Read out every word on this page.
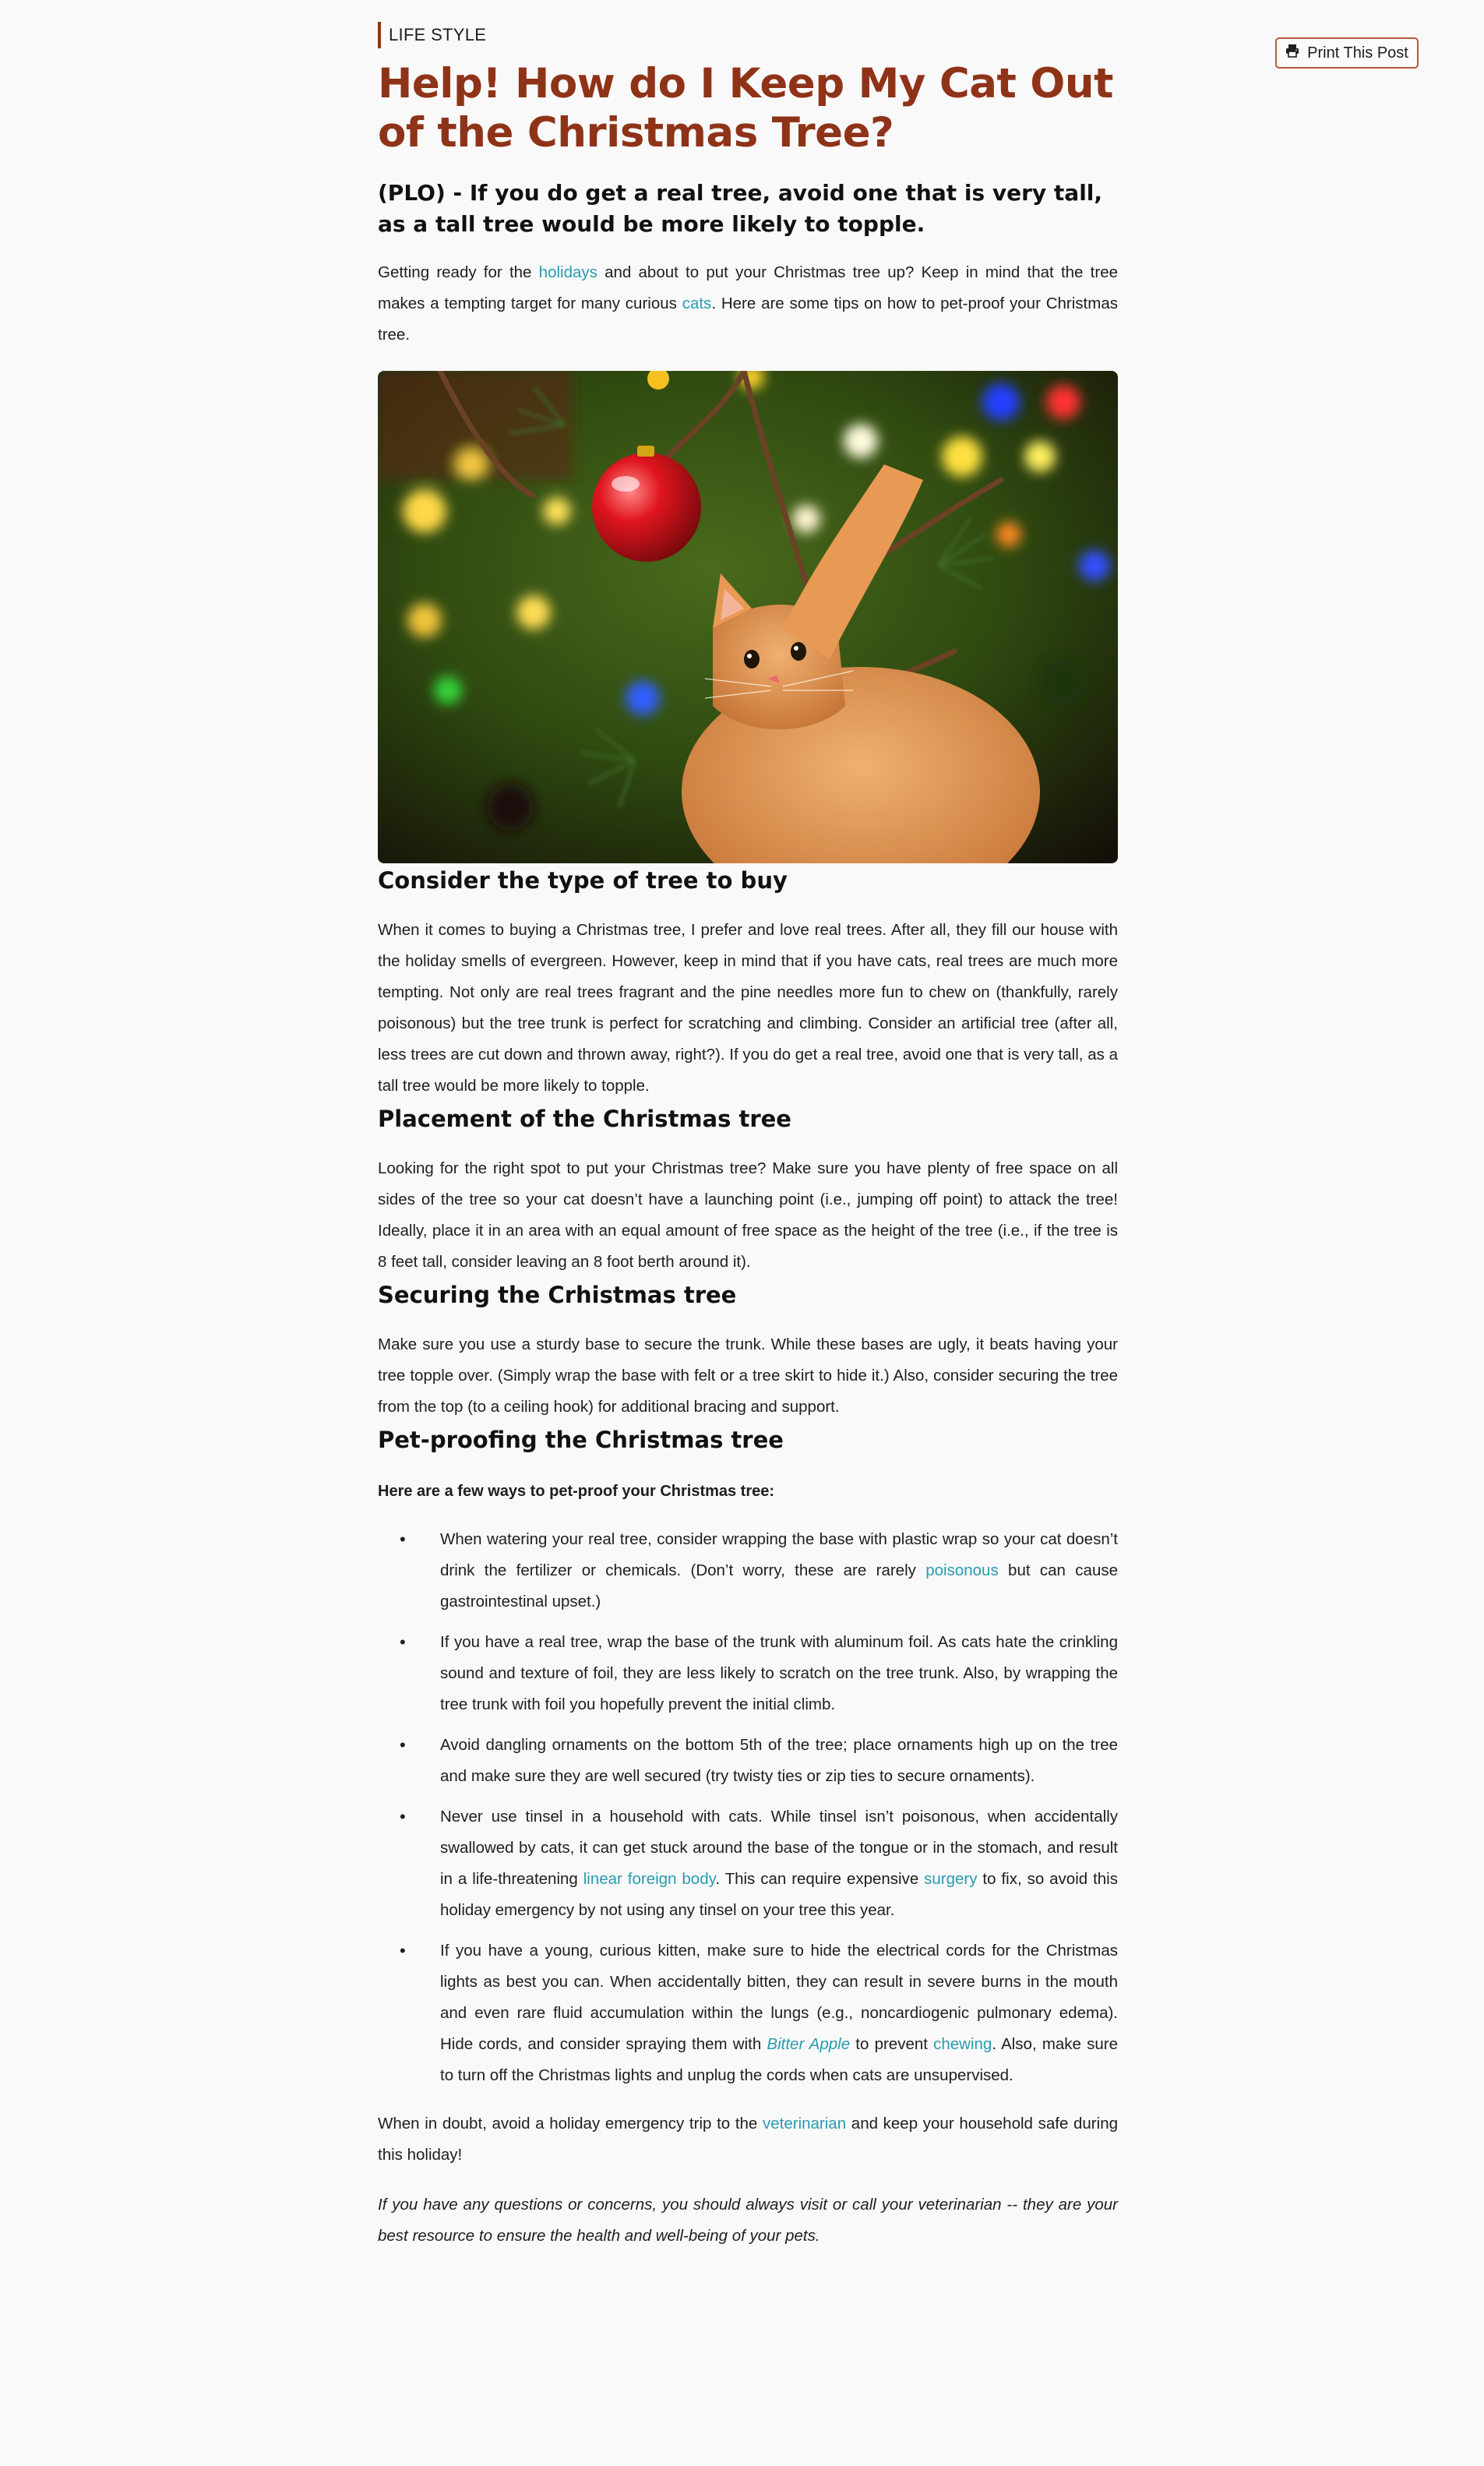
Print This Post
LIFE STYLE
Help! How do I Keep My Cat Out of the Christmas Tree?
(PLO) - If you do get a real tree, avoid one that is very tall, as a tall tree would be more likely to topple.

Getting ready for the holidays and about to put your Christmas tree up? Keep in mind that the tree makes a tempting target for many curious cats. Here are some tips on how to pet-proof your Christmas tree.

Consider the type of tree to buy

When it comes to buying a Christmas tree, I prefer and love real trees. After all, they fill our house with the holiday smells of evergreen. However, keep in mind that if you have cats, real trees are much more tempting. Not only are real trees fragrant and the pine needles more fun to chew on (thankfully, rarely poisonous) but the tree trunk is perfect for scratching and climbing. Consider an artificial tree (after all, less trees are cut down and thrown away, right?). If you do get a real tree, avoid one that is very tall, as a tall tree would be more likely to topple.

Placement of the Christmas tree

Looking for the right spot to put your Christmas tree? Make sure you have plenty of free space on all sides of the tree so your cat doesn’t have a launching point (i.e., jumping off point) to attack the tree! Ideally, place it in an area with an equal amount of free space as the height of the tree (i.e., if the tree is 8 feet tall, consider leaving an 8 foot berth around it).

Securing the Crhistmas tree

Make sure you use a sturdy base to secure the trunk. While these bases are ugly, it beats having your tree topple over. (Simply wrap the base with felt or a tree skirt to hide it.) Also, consider securing the tree from the top (to a ceiling hook) for additional bracing and support.

Pet-proofing the Christmas tree

Here are a few ways to pet-proof your Christmas tree:

• When watering your real tree, consider wrapping the base with plastic wrap so your cat doesn’t drink the fertilizer or chemicals. (Don’t worry, these are rarely poisonous but can cause gastrointestinal upset.)
• If you have a real tree, wrap the base of the trunk with aluminum foil. As cats hate the crinkling sound and texture of foil, they are less likely to scratch on the tree trunk. Also, by wrapping the tree trunk with foil you hopefully prevent the initial climb.
• Avoid dangling ornaments on the bottom 5th of the tree; place ornaments high up on the tree and make sure they are well secured (try twisty ties or zip ties to secure ornaments).
• Never use tinsel in a household with cats. While tinsel isn’t poisonous, when accidentally swallowed by cats, it can get stuck around the base of the tongue or in the stomach, and result in a life-threatening linear foreign body. This can require expensive surgery to fix, so avoid this holiday emergency by not using any tinsel on your tree this year.
• If you have a young, curious kitten, make sure to hide the electrical cords for the Christmas lights as best you can. When accidentally bitten, they can result in severe burns in the mouth and even rare fluid accumulation within the lungs (e.g., noncardiogenic pulmonary edema). Hide cords, and consider spraying them with Bitter Apple to prevent chewing. Also, make sure to turn off the Christmas lights and unplug the cords when cats are unsupervised.

When in doubt, avoid a holiday emergency trip to the veterinarian and keep your household safe during this holiday!

If you have any questions or concerns, you should always visit or call your veterinarian -- they are your best resource to ensure the health and well-being of your pets.
